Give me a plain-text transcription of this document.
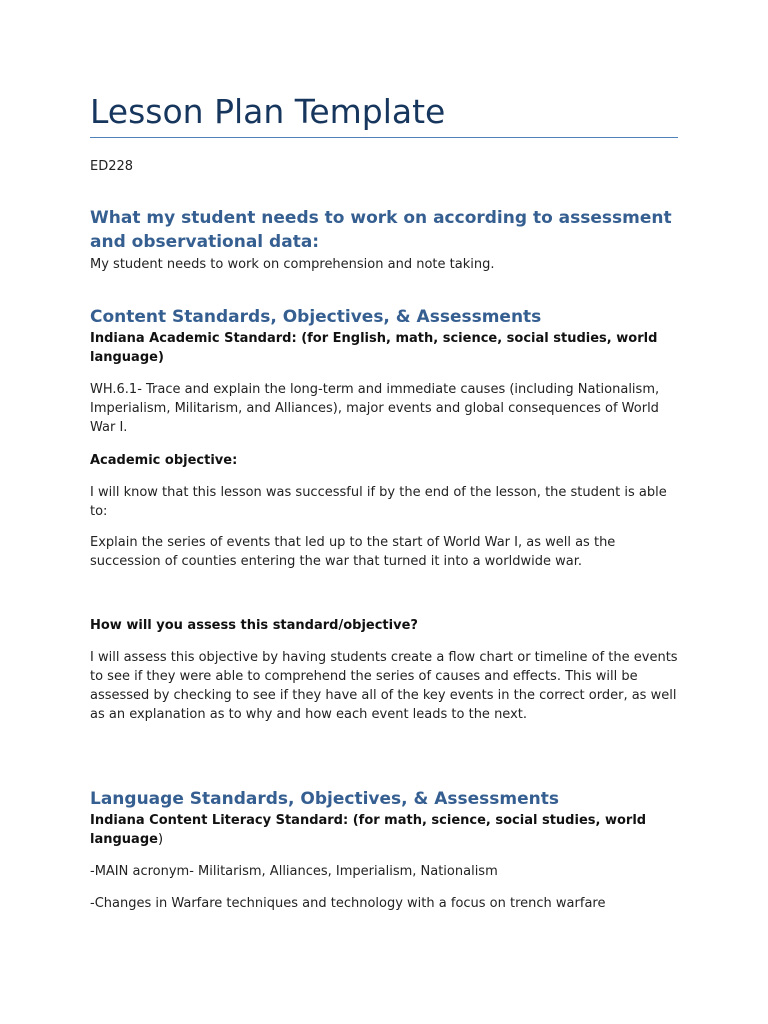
Lesson Plan Template

ED228

What my student needs to work on according to assessment and observational data:

My student needs to work on comprehension and note taking.

Content Standards, Objectives, & Assessments

Indiana Academic Standard: (for English, math, science, social studies, world language)

WH.6.1- Trace and explain the long-term and immediate causes (including Nationalism, Imperialism, Militarism, and Alliances), major events and global consequences of World War I.

Academic objective:

I will know that this lesson was successful if by the end of the lesson, the student is able to:

Explain the series of events that led up to the start of World War I, as well as the succession of counties entering the war that turned it into a worldwide war.

How will you assess this standard/objective?

I will assess this objective by having students create a flow chart or timeline of the events to see if they were able to comprehend the series of causes and effects. This will be assessed by checking to see if they have all of the key events in the correct order, as well as an explanation as to why and how each event leads to the next.

Language Standards, Objectives, & Assessments

Indiana Content Literacy Standard: (for math, science, social studies, world language)

-MAIN acronym- Militarism, Alliances, Imperialism, Nationalism

-Changes in Warfare techniques and technology with a focus on trench warfare
